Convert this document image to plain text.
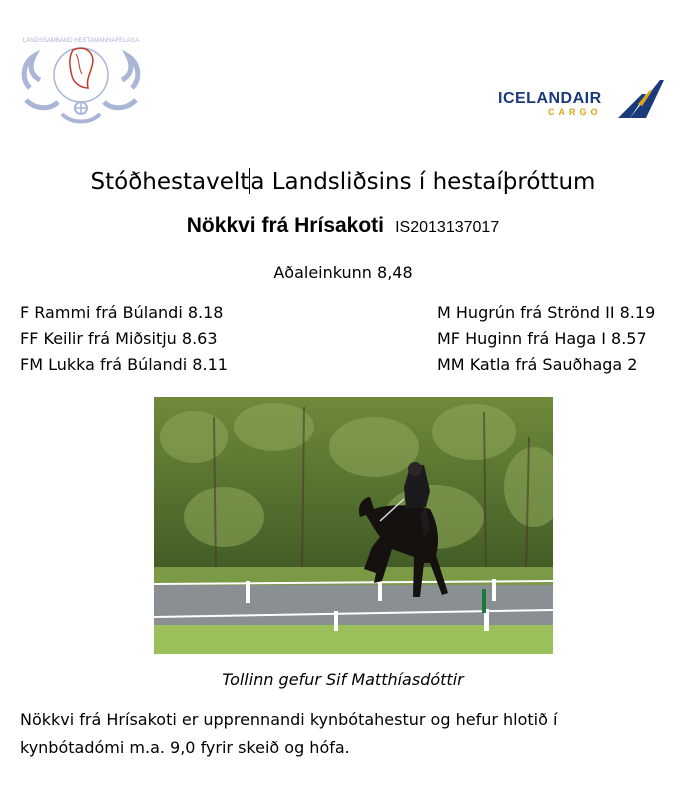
LANDSSAMBAND HESTAMANNAFELAGA
ICELANDAIR
CARGO
Stóðhestavelta Landsliðsins í hestaíþróttum
Nökkvi frá Hrísakoti IS2013137017
Aðaleinkunn 8,48
F Rammi frá Búlandi 8.18
FF Keilir frá Miðsitju 8.63
FM Lukka frá Búlandi 8.11
M Hugrún frá Strönd II 8.19
MF Huginn frá Haga I 8.57
MM Katla frá Sauðhaga 2
Tollinn gefur Sif Matthíasdóttir
Nökkvi frá Hrísakoti er upprennandi kynbótahestur og hefur hlotið í kynbótadómi m.a. 9,0 fyrir skeið og hófa.
